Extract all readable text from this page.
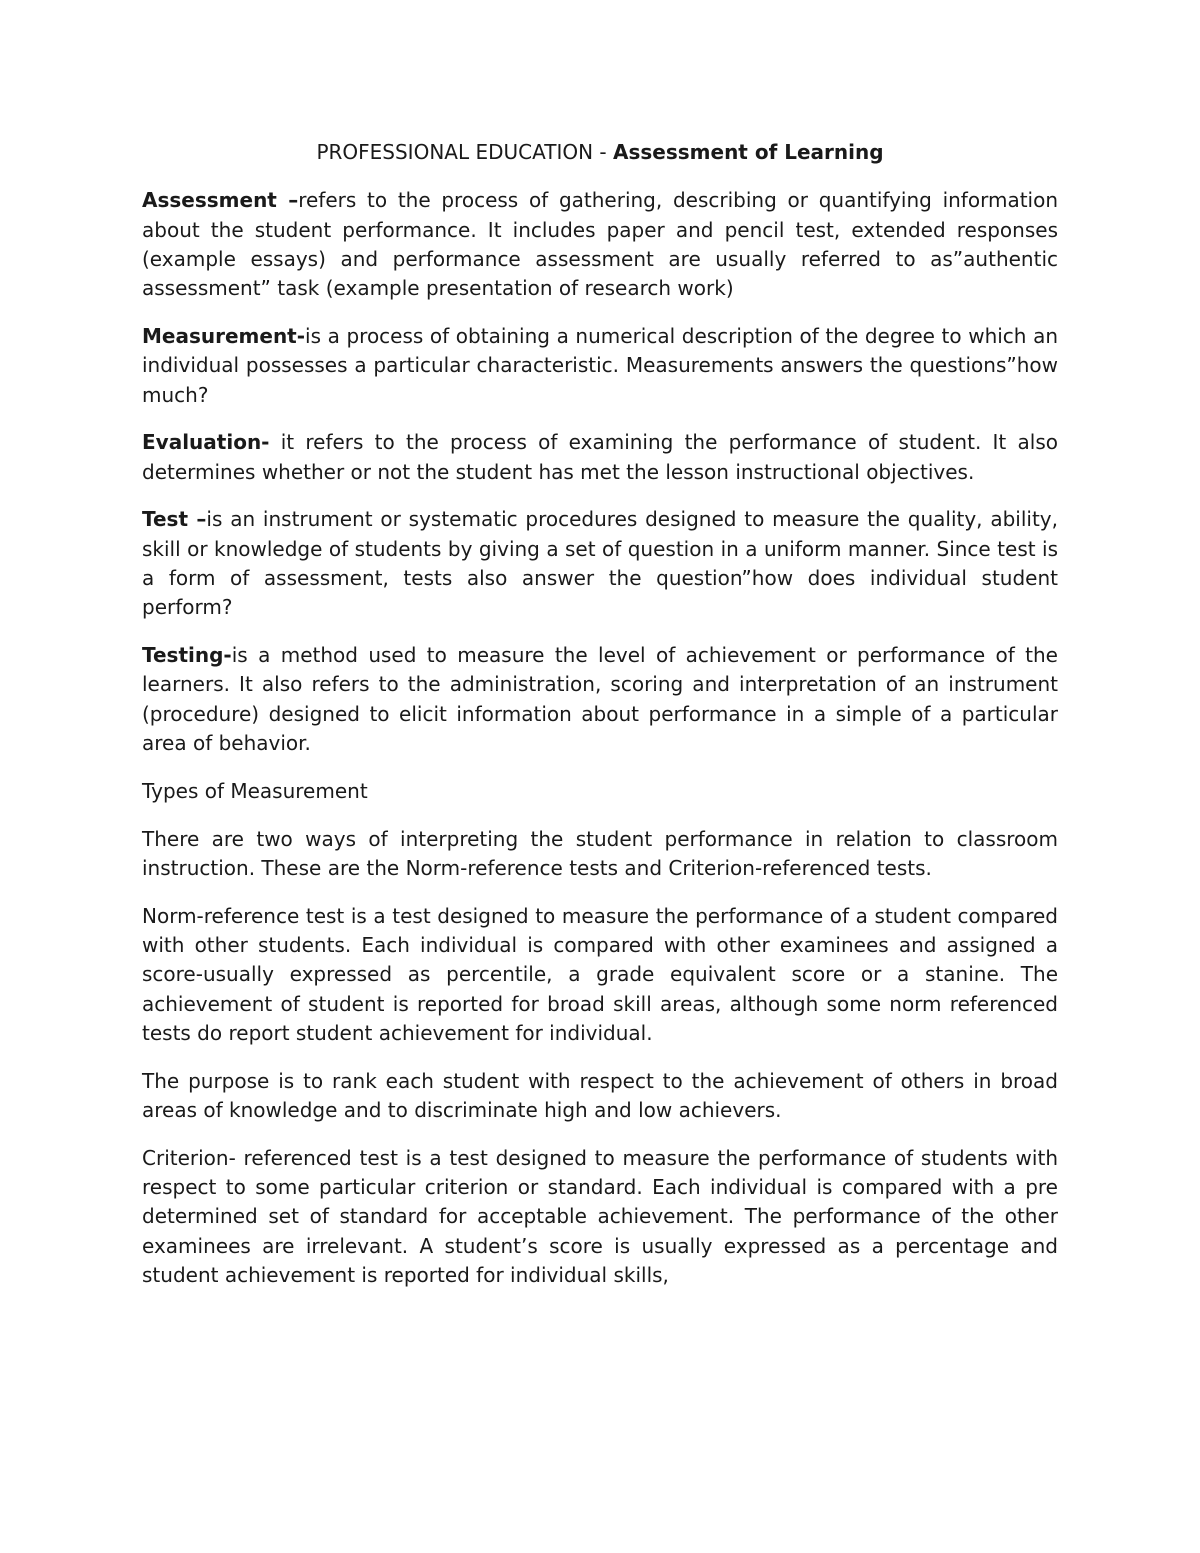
PROFESSIONAL EDUCATION - Assessment of Learning

Assessment –refers to the process of gathering, describing or quantifying information about the student performance. It includes paper and pencil test, extended responses (example essays) and performance assessment are usually referred to as”authentic assessment” task (example presentation of research work)

Measurement-is a process of obtaining a numerical description of the degree to which an individual possesses a particular characteristic. Measurements answers the questions”how much?

Evaluation- it refers to the process of examining the performance of student. It also determines whether or not the student has met the lesson instructional objectives.

Test –is an instrument or systematic procedures designed to measure the quality, ability, skill or knowledge of students by giving a set of question in a uniform manner. Since test is a form of assessment, tests also answer the question”how does individual student perform?

Testing-is a method used to measure the level of achievement or performance of the learners. It also refers to the administration, scoring and interpretation of an instrument (procedure) designed to elicit information about performance in a simple of a particular area of behavior.

Types of Measurement

There are two ways of interpreting the student performance in relation to classroom instruction. These are the Norm-reference tests and Criterion-referenced tests.

Norm-reference test is a test designed to measure the performance of a student compared with other students. Each individual is compared with other examinees and assigned a score-usually expressed as percentile, a grade equivalent score or a stanine. The achievement of student is reported for broad skill areas, although some norm referenced tests do report student achievement for individual.

The purpose is to rank each student with respect to the achievement of others in broad areas of knowledge and to discriminate high and low achievers.

Criterion- referenced test is a test designed to measure the performance of students with respect to some particular criterion or standard. Each individual is compared with a pre determined set of standard for acceptable achievement. The performance of the other examinees are irrelevant. A student’s score is usually expressed as a percentage and student achievement is reported for individual skills,
